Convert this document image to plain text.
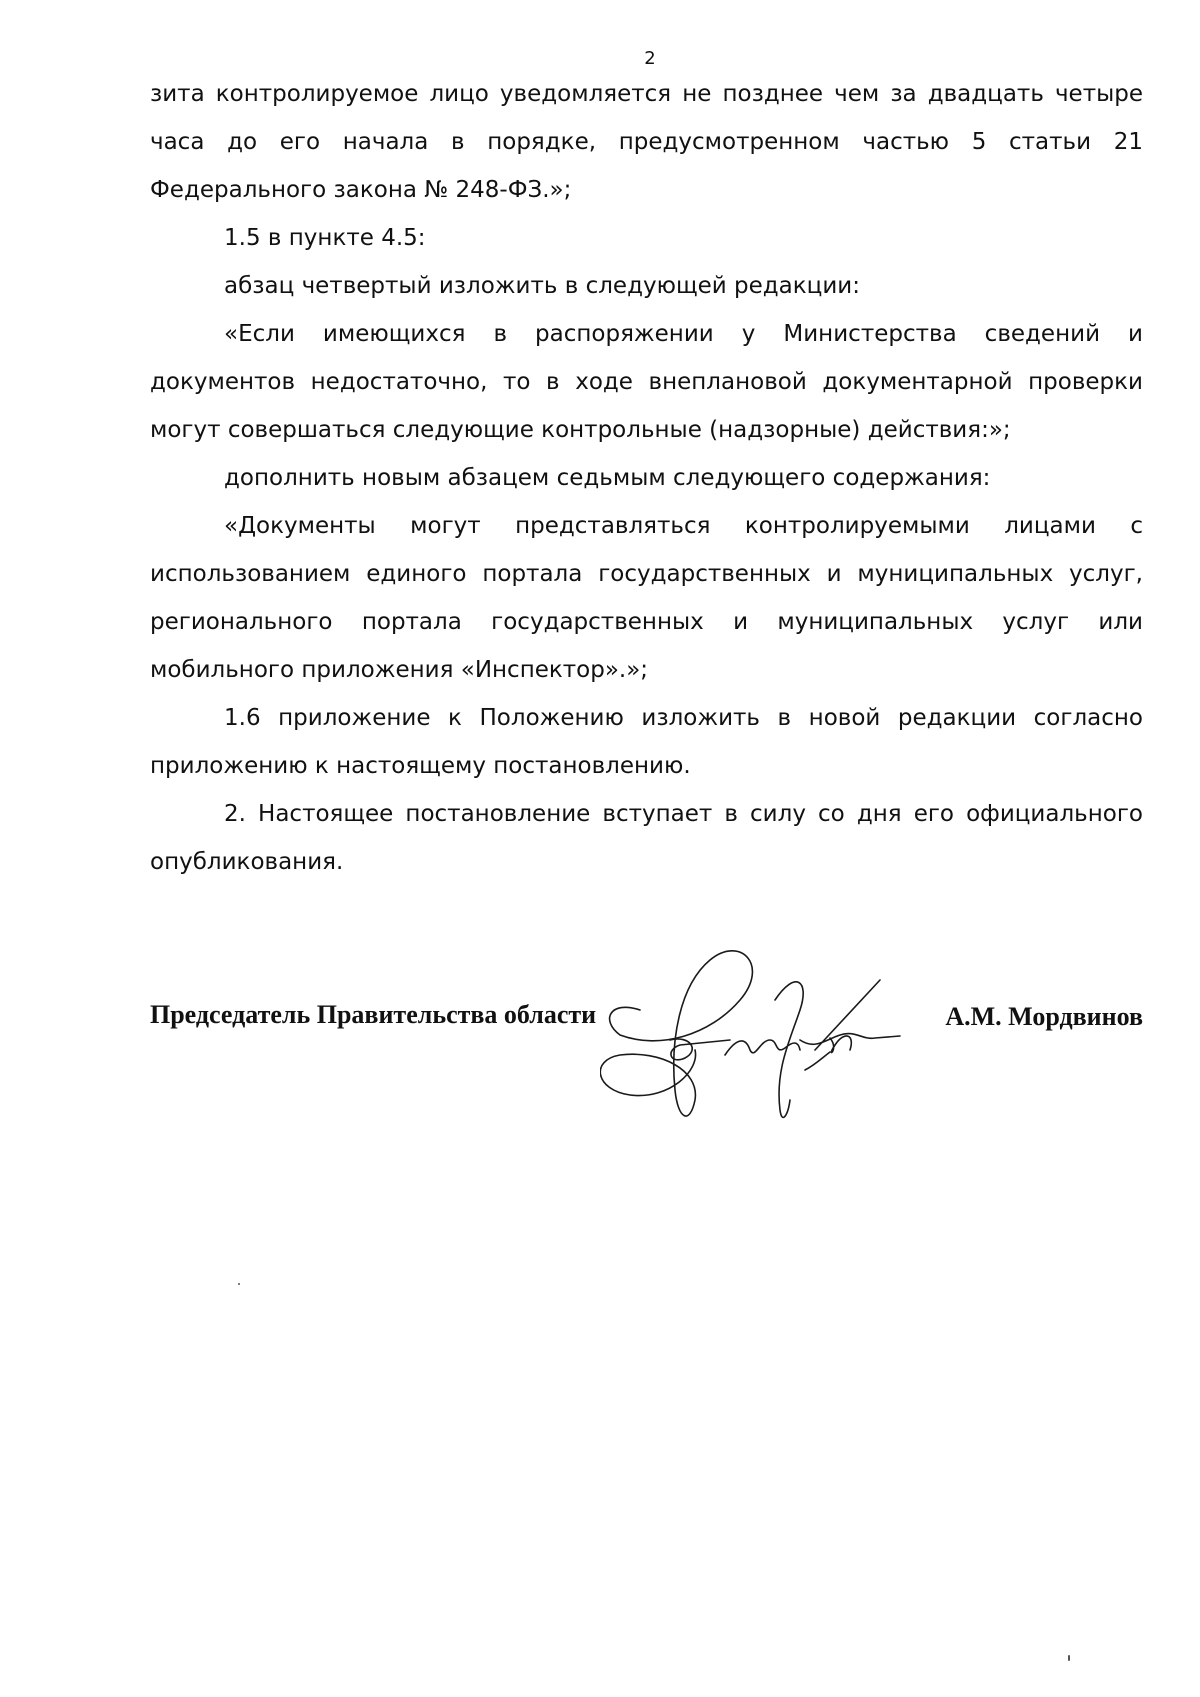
2

зита контролируемое лицо уведомляется не позднее чем за двадцать четыре часа до его начала в порядке, предусмотренном частью 5 статьи 21 Федерального закона № 248-ФЗ.»;

1.5 в пункте 4.5:

абзац четвертый изложить в следующей редакции:

«Если имеющихся в распоряжении у Министерства сведений и документов недостаточно, то в ходе внеплановой документарной проверки могут совершаться следующие контрольные (надзорные) действия:»;

дополнить новым абзацем седьмым следующего содержания:

«Документы могут представляться контролируемыми лицами с использованием единого портала государственных и муниципальных услуг, регионального портала государственных и муниципальных услуг или мобильного приложения «Инспектор».»;

1.6 приложение к Положению изложить в новой редакции согласно приложению к настоящему постановлению.

2. Настоящее постановление вступает в силу со дня его официального опубликования.

Председатель Правительства области	А.М. Мордвинов
